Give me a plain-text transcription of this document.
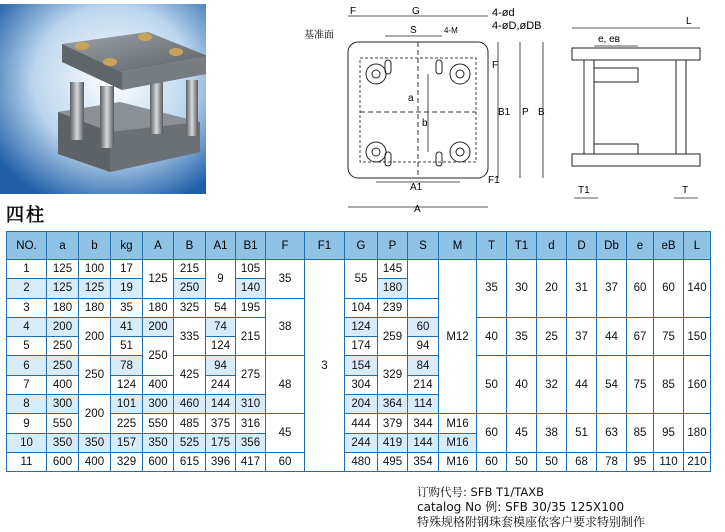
基准面
F	G
S	4-M
4-ød
4-øD,øDB
F
B1 P B
a
b
A1
F1
A
L
e, eʙ
T1	T
四柱
NO.	a	b	kg	A	B	A1	B1	F	F1	G	P	S	M	T	T1	d	D	Db	e	eB	L
1	125	100	17	125	215	9	105	35	3	55	145		M12	35	30	20	31	37	60	60	140
2	125	125	19		250		140				180										
3	180	180	35	180	325	54	195	38		104	239										
4	200	200	41	200	335	74	215			124	259	60		40	35	25	37	44	67	75	150
5	250		51	250		124				174		94									
6	250	250	78		425	94	275	48		154	329	84		50	40	32	44	54	75	85	160
7	400		124	400		244				304		214									
8	300	200	101	300	460	144	310			204	364	114									
9	550		225	550	485	375	316	45		444	379	344	M16	60	45	38	51	63	85	95	180
10	350	350	157	350	525	175	356			244	419	144	M16								
11	600	400	329	600	615	396	417	60		480	495	354	M16	60	50	50	68	78	95	110	210
订购代号: SFB T1/TAXB
catalog No 例: SFB 30/35 125X100
特殊规格附钢珠套模座依客户要求特别制作
